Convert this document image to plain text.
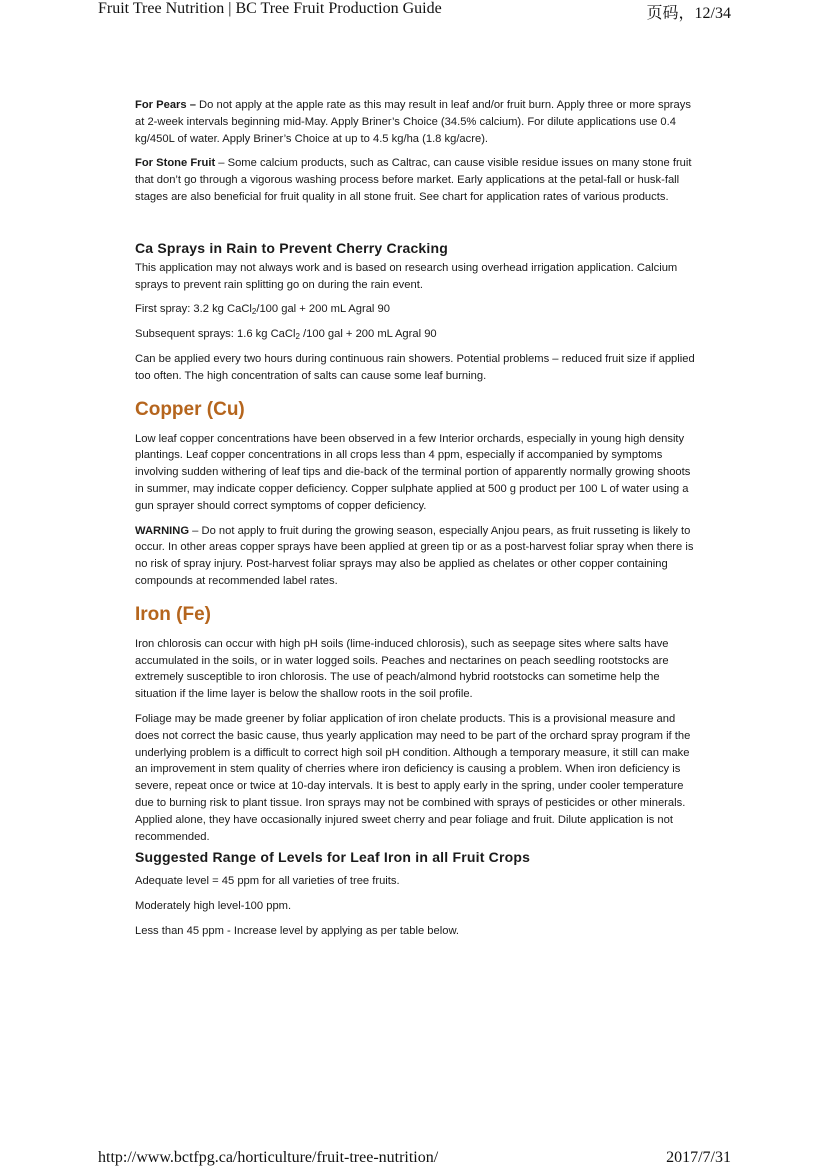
Fruit Tree Nutrition | BC Tree Fruit Production Guide	页码，12/34

For Pears – Do not apply at the apple rate as this may result in leaf and/or fruit burn. Apply three or more sprays at 2-week intervals beginning mid-May. Apply Briner’s Choice (34.5% calcium). For dilute applications use 0.4 kg/450L of water. Apply Briner’s Choice at up to 4.5 kg/ha (1.8 kg/acre).

For Stone Fruit – Some calcium products, such as Caltrac, can cause visible residue issues on many stone fruit that don’t go through a vigorous washing process before market. Early applications at the petal-fall or husk-fall stages are also beneficial for fruit quality in all stone fruit. See chart for application rates of various products.

Ca Sprays in Rain to Prevent Cherry Cracking

This application may not always work and is based on research using overhead irrigation application. Calcium sprays to prevent rain splitting go on during the rain event.

First spray: 3.2 kg CaCl$_2$/100 gal + 200 mL Agral 90

Subsequent sprays: 1.6 kg CaCl$_2$ /100 gal + 200 mL Agral 90

Can be applied every two hours during continuous rain showers. Potential problems – reduced fruit size if applied too often. The high concentration of salts can cause some leaf burning.

Copper (Cu)

Low leaf copper concentrations have been observed in a few Interior orchards, especially in young high density plantings. Leaf copper concentrations in all crops less than 4 ppm, especially if accompanied by symptoms involving sudden withering of leaf tips and die-back of the terminal portion of apparently normally growing shoots in summer, may indicate copper deficiency. Copper sulphate applied at 500 g product per 100 L of water using a gun sprayer should correct symptoms of copper deficiency.

WARNING – Do not apply to fruit during the growing season, especially Anjou pears, as fruit russeting is likely to occur. In other areas copper sprays have been applied at green tip or as a post-harvest foliar spray when there is no risk of spray injury. Post-harvest foliar sprays may also be applied as chelates or other copper containing compounds at recommended label rates.

Iron (Fe)

Iron chlorosis can occur with high pH soils (lime-induced chlorosis), such as seepage sites where salts have accumulated in the soils, or in water logged soils. Peaches and nectarines on peach seedling rootstocks are extremely susceptible to iron chlorosis. The use of peach/almond hybrid rootstocks can sometime help the situation if the lime layer is below the shallow roots in the soil profile.

Foliage may be made greener by foliar application of iron chelate products. This is a provisional measure and does not correct the basic cause, thus yearly application may need to be part of the orchard spray program if the underlying problem is a difficult to correct high soil pH condition. Although a temporary measure, it still can make an improvement in stem quality of cherries where iron deficiency is causing a problem. When iron deficiency is severe, repeat once or twice at 10-day intervals. It is best to apply early in the spring, under cooler temperature due to burning risk to plant tissue. Iron sprays may not be combined with sprays of pesticides or other minerals. Applied alone, they have occasionally injured sweet cherry and pear foliage and fruit. Dilute application is not recommended.

Suggested Range of Levels for Leaf Iron in all Fruit Crops

Adequate level = 45 ppm for all varieties of tree fruits.

Moderately high level-100 ppm.

Less than 45 ppm - Increase level by applying as per table below.

http://www.bctfpg.ca/horticulture/fruit-tree-nutrition/	2017/7/31
